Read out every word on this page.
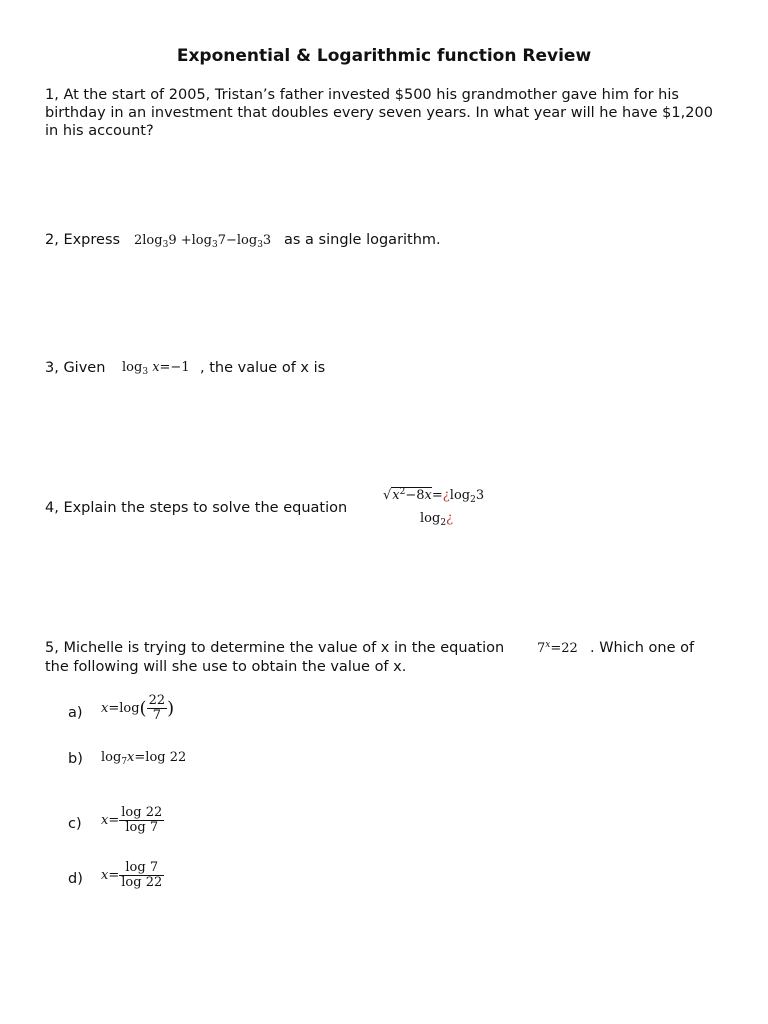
Exponential & Logarithmic function Review
1, At the start of 2005, Tristan’s father invested $500 his grandmother gave him for his birthday in an investment that doubles every seven years. In what year will he have $1,200 in his account?
2, Express $2\log_39 +\log_37-\log_33$ as a single logarithm.
3, Given $\log_3 x=-1$ , the value of x is
4, Explain the steps to solve the equation
$√x^2-8x=¿\log_23$
$\log_2¿$
5, Michelle is trying to determine the value of x in the equation	$7^x=22$ . Which one of
the following will she use to obtain the value of x.
a) $x=\log( \frac{22}{7}$ )
b) $\log_7x=\log$ 22
c) $x= \frac{\log 22}{\log 7}$
d) $x= \frac{\log 7}{\log 22}$
